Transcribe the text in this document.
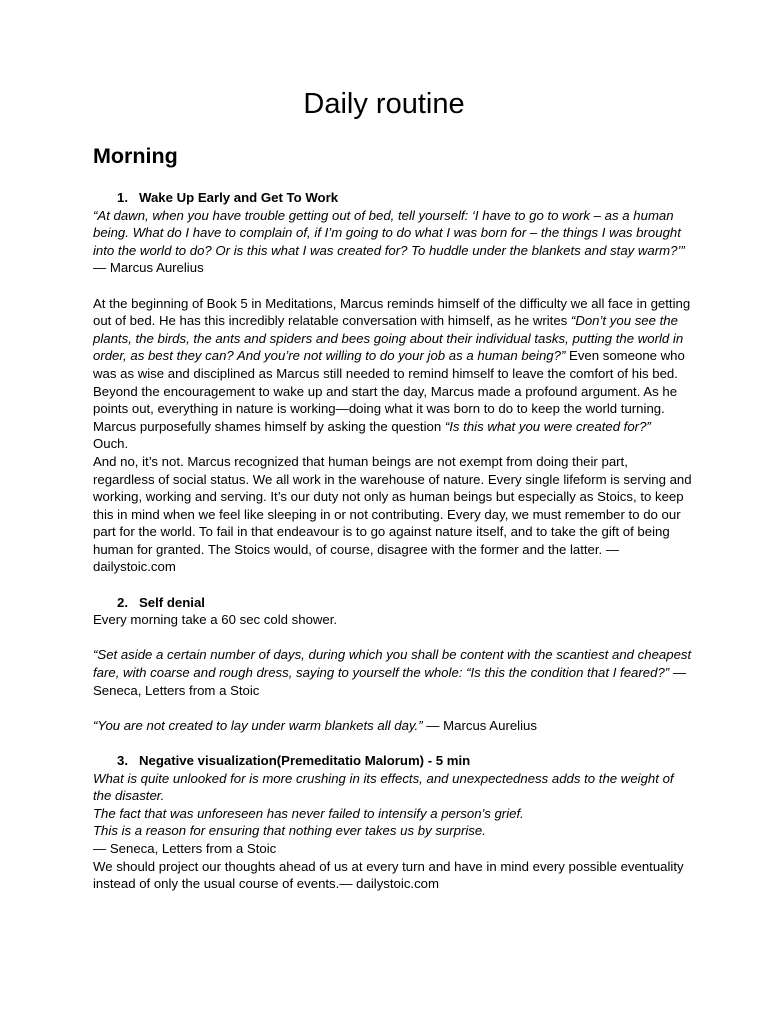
Daily routine
Morning

1. Wake Up Early and Get To Work

“At dawn, when you have trouble getting out of bed, tell yourself: ‘I have to go to work – as a human being. What do I have to complain of, if I’m going to do what I was born for – the things I was brought into the world to do? Or is this what I was created for? To huddle under the blankets and stay warm?’” — Marcus Aurelius

At the beginning of Book 5 in Meditations, Marcus reminds himself of the difficulty we all face in getting out of bed. He has this incredibly relatable conversation with himself, as he writes “Don’t you see the plants, the birds, the ants and spiders and bees going about their individual tasks, putting the world in order, as best they can? And you’re not willing to do your job as a human being?” Even someone who was as wise and disciplined as Marcus still needed to remind himself to leave the comfort of his bed. Beyond the encouragement to wake up and start the day, Marcus made a profound argument. As he points out, everything in nature is working—doing what it was born to do to keep the world turning. Marcus purposefully shames himself by asking the question “Is this what you were created for?”

Ouch.

And no, it’s not. Marcus recognized that human beings are not exempt from doing their part, regardless of social status. We all work in the warehouse of nature. Every single lifeform is serving and working, working and serving. It’s our duty not only as human beings but especially as Stoics, to keep this in mind when we feel like sleeping in or not contributing. Every day, we must remember to do our part for the world. To fail in that endeavour is to go against nature itself, and to take the gift of being human for granted. The Stoics would, of course, disagree with the former and the latter. — dailystoic.com

2. Self denial

Every morning take a 60 sec cold shower.

“Set aside a certain number of days, during which you shall be content with the scantiest and cheapest fare, with coarse and rough dress, saying to yourself the whole: “Is this the condition that I feared?” — Seneca, Letters from a Stoic

“You are not created to lay under warm blankets all day.” — Marcus Aurelius

3. Negative visualization(Premeditatio Malorum) - 5 min

What is quite unlooked for is more crushing in its effects, and unexpectedness adds to the weight of the disaster.

The fact that was unforeseen has never failed to intensify a person’s grief.

This is a reason for ensuring that nothing ever takes us by surprise.

— Seneca, Letters from a Stoic

We should project our thoughts ahead of us at every turn and have in mind every possible eventuality instead of only the usual course of events.— dailystoic.com
